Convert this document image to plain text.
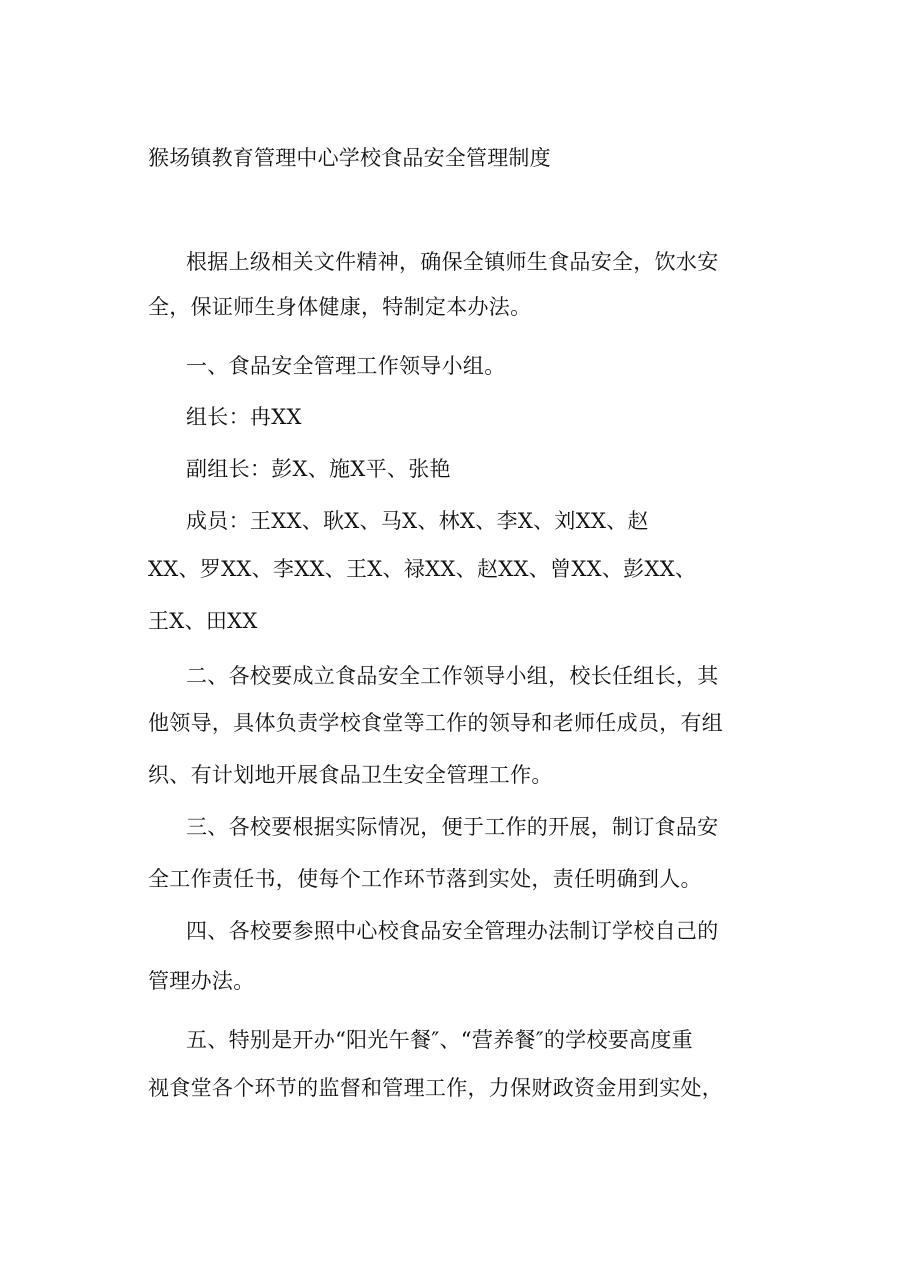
猴场镇教育管理中心学校食品安全管理制度
根据上级相关文件精神，确保全镇师生食品安全，饮水安
全，保证师生身体健康，特制定本办法。
一、食品安全管理工作领导小组。
组长：冉XX
副组长：彭X、施X平、张艳
成员：王XX、耿X、马X、林X、李X、刘XX、赵
XX、罗XX、李XX、王X、禄XX、赵XX、曾XX、彭XX、
王X、田XX
二、各校要成立食品安全工作领导小组，校长任组长，其
他领导，具体负责学校食堂等工作的领导和老师任成员，有组
织、有计划地开展食品卫生安全管理工作。
三、各校要根据实际情况，便于工作的开展，制订食品安
全工作责任书，使每个工作环节落到实处，责任明确到人。
四、各校要参照中心校食品安全管理办法制订学校自己的
管理办法。
五、特别是开办“阳光午餐″、“营养餐″的学校要高度重
视食堂各个环节的监督和管理工作，力保财政资金用到实处，
